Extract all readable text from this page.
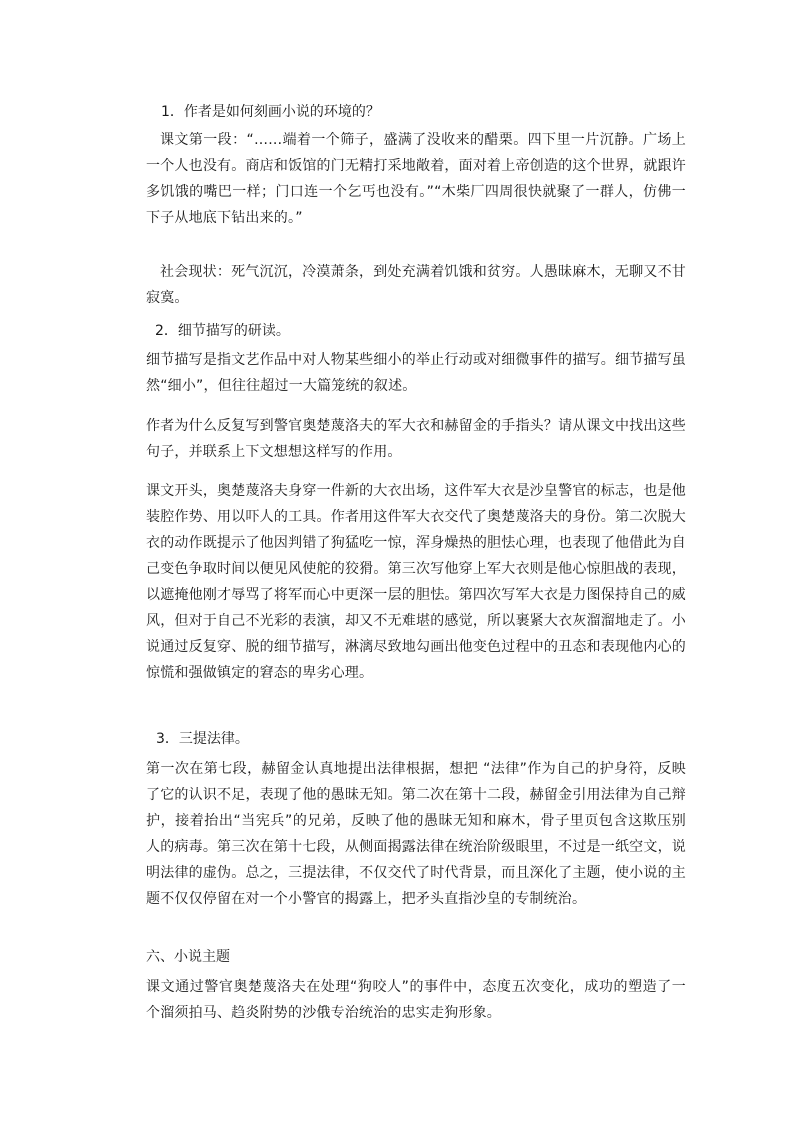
1．作者是如何刻画小说的环境的？

课文第一段：“……端着一个筛子，盛满了没收来的醋栗。四下里一片沉静。广场上一个人也没有。商店和饭馆的门无精打采地敞着，面对着上帝创造的这个世界，就跟许多饥饿的嘴巴一样；门口连一个乞丐也没有。”“木柴厂四周很快就聚了一群人，仿佛一下子从地底下钻出来的。”

社会现状：死气沉沉，冷漠萧条，到处充满着饥饿和贫穷。人愚昧麻木，无聊又不甘寂寞。

2．细节描写的研读。

细节描写是指文艺作品中对人物某些细小的举止行动或对细微事件的描写。细节描写虽然“细小”，但往往超过一大篇笼统的叙述。

作者为什么反复写到警官奥楚蔑洛夫的军大衣和赫留金的手指头？请从课文中找出这些句子，并联系上下文想想这样写的作用。

课文开头，奥楚蔑洛夫身穿一件新的大衣出场，这件军大衣是沙皇警官的标志，也是他装腔作势、用以吓人的工具。作者用这件军大衣交代了奥楚蔑洛夫的身份。第二次脱大衣的动作既提示了他因判错了狗猛吃一惊，浑身燥热的胆怯心理，也表现了他借此为自己变色争取时间以便见风使舵的狡猾。第三次写他穿上军大衣则是他心惊胆战的表现，以遮掩他刚才辱骂了将军而心中更深一层的胆怯。第四次写军大衣是力图保持自己的威风，但对于自己不光彩的表演，却又不无难堪的感觉，所以裹紧大衣灰溜溜地走了。小说通过反复穿、脱的细节描写，淋漓尽致地勾画出他变色过程中的丑态和表现他内心的惊慌和强做镇定的窘态的卑劣心理。

3．三提法律。

第一次在第七段，赫留金认真地提出法律根据，想把 “法律”作为自己的护身符，反映了它的认识不足，表现了他的愚昧无知。第二次在第十二段，赫留金引用法律为自己辩护，接着抬出“当宪兵”的兄弟，反映了他的愚昧无知和麻木，骨子里页包含这欺压别人的病毒。第三次在第十七段，从侧面揭露法律在统治阶级眼里，不过是一纸空文，说明法律的虚伪。总之，三提法律，不仅交代了时代背景，而且深化了主题，使小说的主题不仅仅停留在对一个小警官的揭露上，把矛头直指沙皇的专制统治。

六、小说主题

课文通过警官奥楚蔑洛夫在处理“狗咬人”的事件中，态度五次变化，成功的塑造了一个溜须拍马、趋炎附势的沙俄专治统治的忠实走狗形象。
